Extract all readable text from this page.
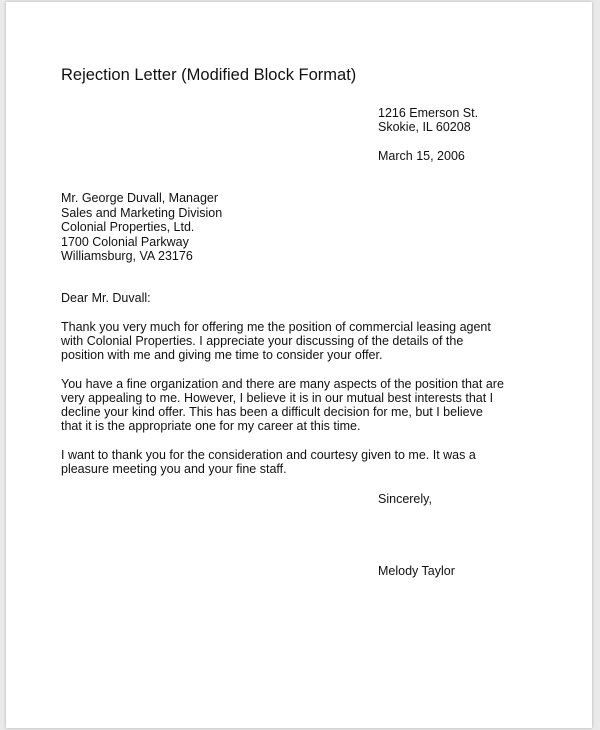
Rejection Letter (Modified Block Format)
1216 Emerson St.
Skokie, IL 60208
March 15, 2006
Mr. George Duvall, Manager
Sales and Marketing Division
Colonial Properties, Ltd.
1700 Colonial Parkway
Williamsburg, VA 23176
Dear Mr. Duvall:
Thank you very much for offering me the position of commercial leasing agent
with Colonial Properties. I appreciate your discussing of the details of the
position with me and giving me time to consider your offer.
You have a fine organization and there are many aspects of the position that are
very appealing to me. However, I believe it is in our mutual best interests that I
decline your kind offer. This has been a difficult decision for me, but I believe
that it is the appropriate one for my career at this time.
I want to thank you for the consideration and courtesy given to me. It was a
pleasure meeting you and your fine staff.
Sincerely,
Melody Taylor
